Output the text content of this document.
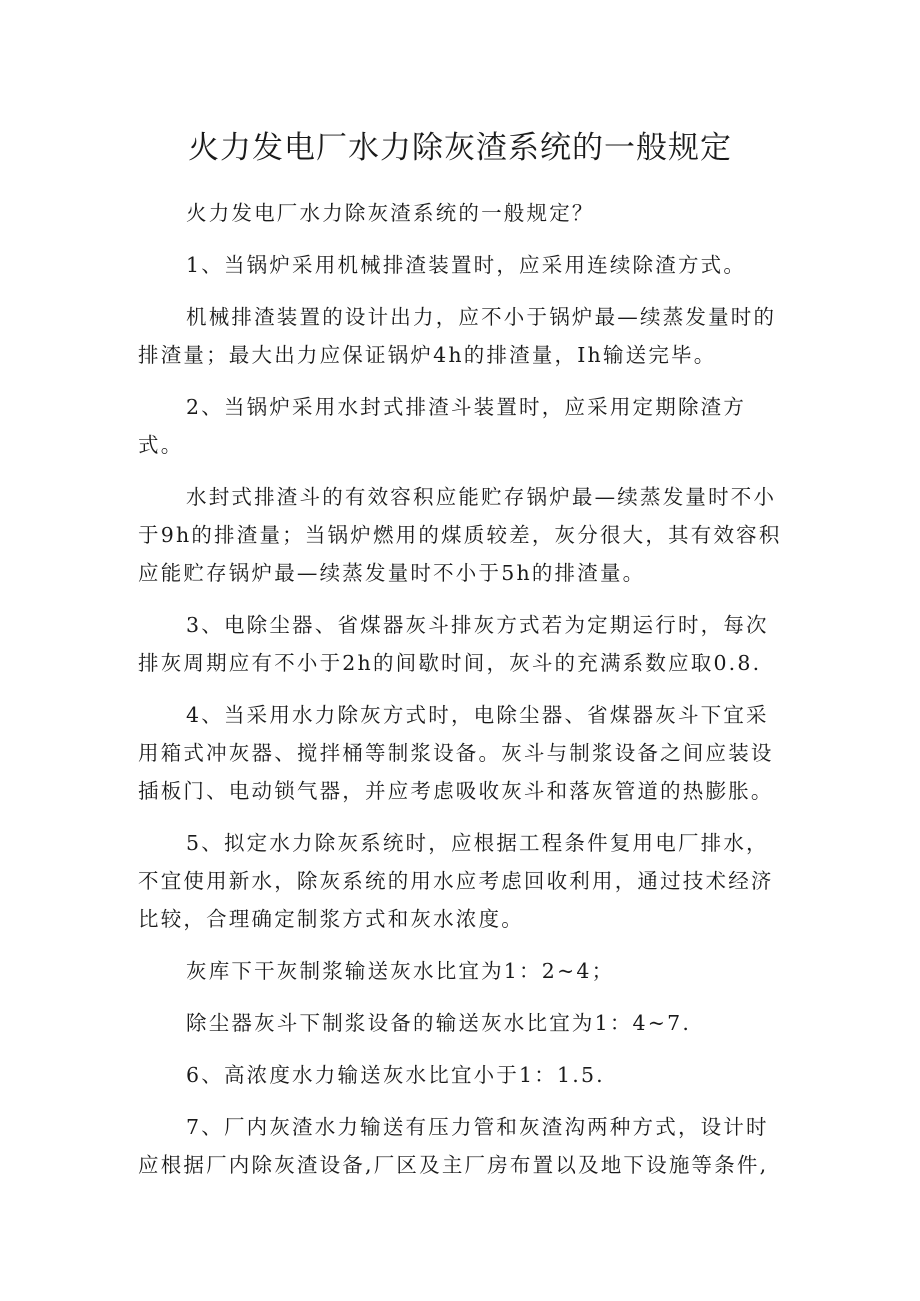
火力发电厂水力除灰渣系统的一般规定

火力发电厂水力除灰渣系统的一般规定？

1、当锅炉采用机械排渣装置时，应采用连续除渣方式。

机械排渣装置的设计出力，应不小于锅炉最—续蒸发量时的排渣量；最大出力应保证锅炉4h的排渣量，Ih输送完毕。

2、当锅炉采用水封式排渣斗装置时，应采用定期除渣方式。

水封式排渣斗的有效容积应能贮存锅炉最—续蒸发量时不小于9h的排渣量；当锅炉燃用的煤质较差，灰分很大，其有效容积应能贮存锅炉最—续蒸发量时不小于5h的排渣量。

3、电除尘器、省煤器灰斗排灰方式若为定期运行时，每次排灰周期应有不小于2h的间歇时间，灰斗的充满系数应取0.8.

4、当采用水力除灰方式时，电除尘器、省煤器灰斗下宜采用箱式冲灰器、搅拌桶等制浆设备。灰斗与制浆设备之间应装设插板门、电动锁气器，并应考虑吸收灰斗和落灰管道的热膨胀。

5、拟定水力除灰系统时，应根据工程条件复用电厂排水，不宜使用新水，除灰系统的用水应考虑回收利用，通过技术经济比较，合理确定制浆方式和灰水浓度。

灰库下干灰制浆输送灰水比宜为1：2~4；

除尘器灰斗下制浆设备的输送灰水比宜为1：4~7.

6、高浓度水力输送灰水比宜小于1：1.5.

7、厂内灰渣水力输送有压力管和灰渣沟两种方式，设计时应根据厂内除灰渣设备,厂区及主厂房布置以及地下设施等条件,
